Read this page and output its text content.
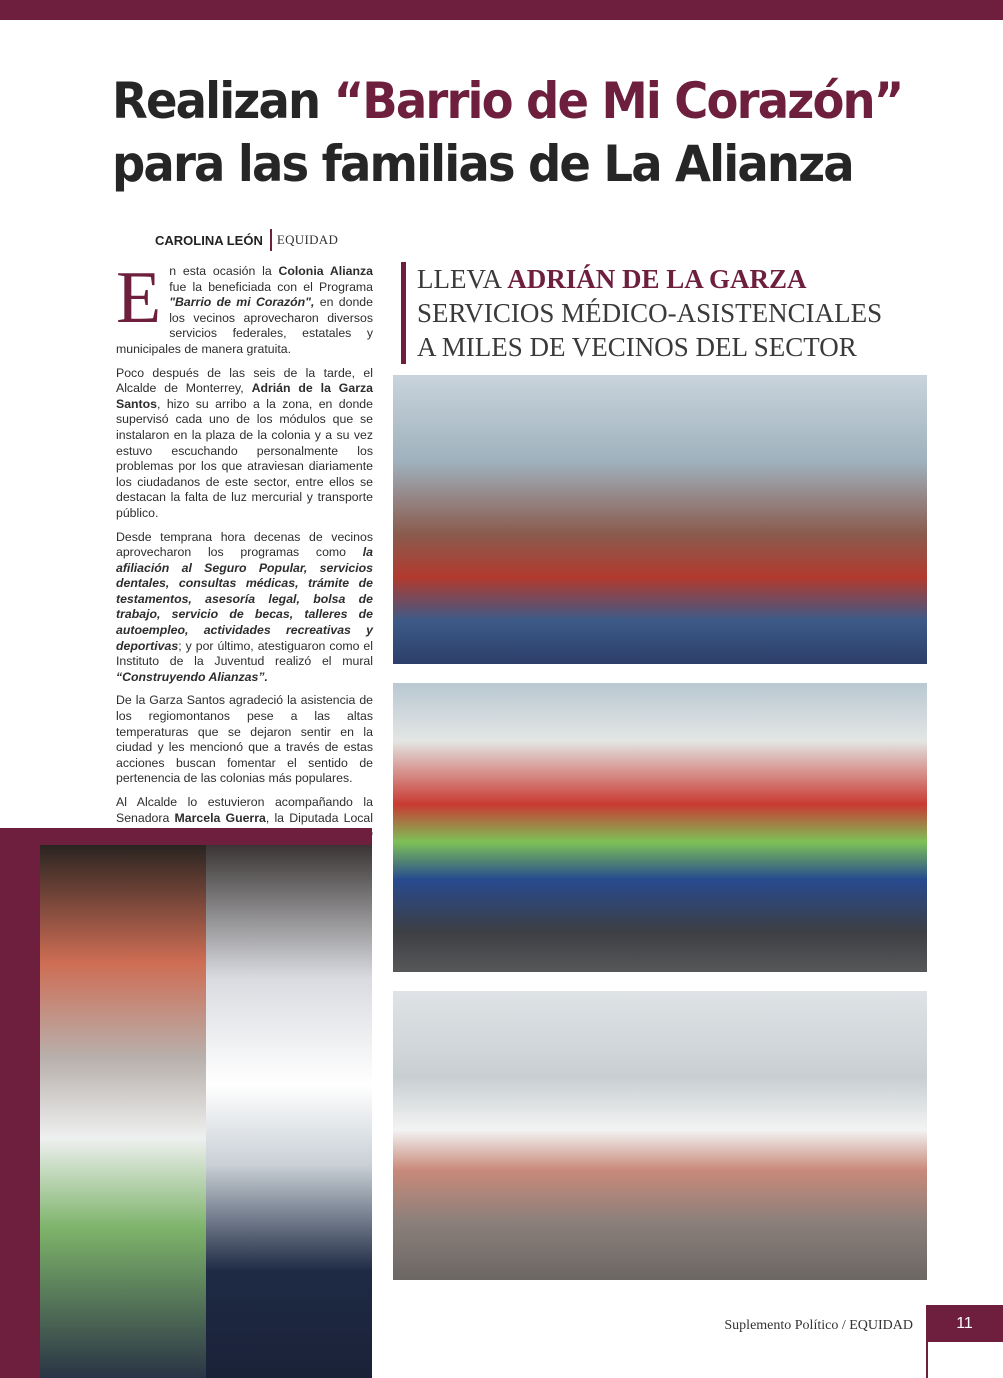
Realizan “Barrio de Mi Corazón”
para las familias de La Alianza
CAROLINA LEÓN EQUIDAD

En esta ocasión la Colonia Alianza fue la beneficiada con el Programa "Barrio de mi Corazón", en donde los vecinos aprovecharon diversos servicios federales, estatales y municipales de manera gratuita.

Poco después de las seis de la tarde, el Alcalde de Monterrey, Adrián de la Garza Santos, hizo su arribo a la zona, en donde supervisó cada uno de los módulos que se instalaron en la plaza de la colonia y a su vez estuvo escuchando personalmente los problemas por los que atraviesan diariamente los ciudadanos de este sector, entre ellos se destacan la falta de luz mercurial y transporte público.

Desde temprana hora decenas de vecinos aprovecharon los programas como la afiliación al Seguro Popular, servicios dentales, consultas médicas, trámite de testamentos, asesoría legal, bolsa de trabajo, servicio de becas, talleres de autoempleo, actividades recreativas y deportivas; y por último, atestiguaron como el Instituto de la Juventud realizó el mural “Construyendo Alianzas”.

De la Garza Santos agradeció la asistencia de los regiomontanos pese a las altas temperaturas que se dejaron sentir en la ciudad y les mencionó que a través de estas acciones buscan fomentar el sentido de pertenencia de las colonias más populares.

Al Alcalde lo estuvieron acompañando la Senadora Marcela Guerra, la Diputada Local

LLEVA ADRIÁN DE LA GARZA
SERVICIOS MÉDICO-ASISTENCIALES
A MILES DE VECINOS DEL SECTOR
Suplemento Político / EQUIDAD	11
